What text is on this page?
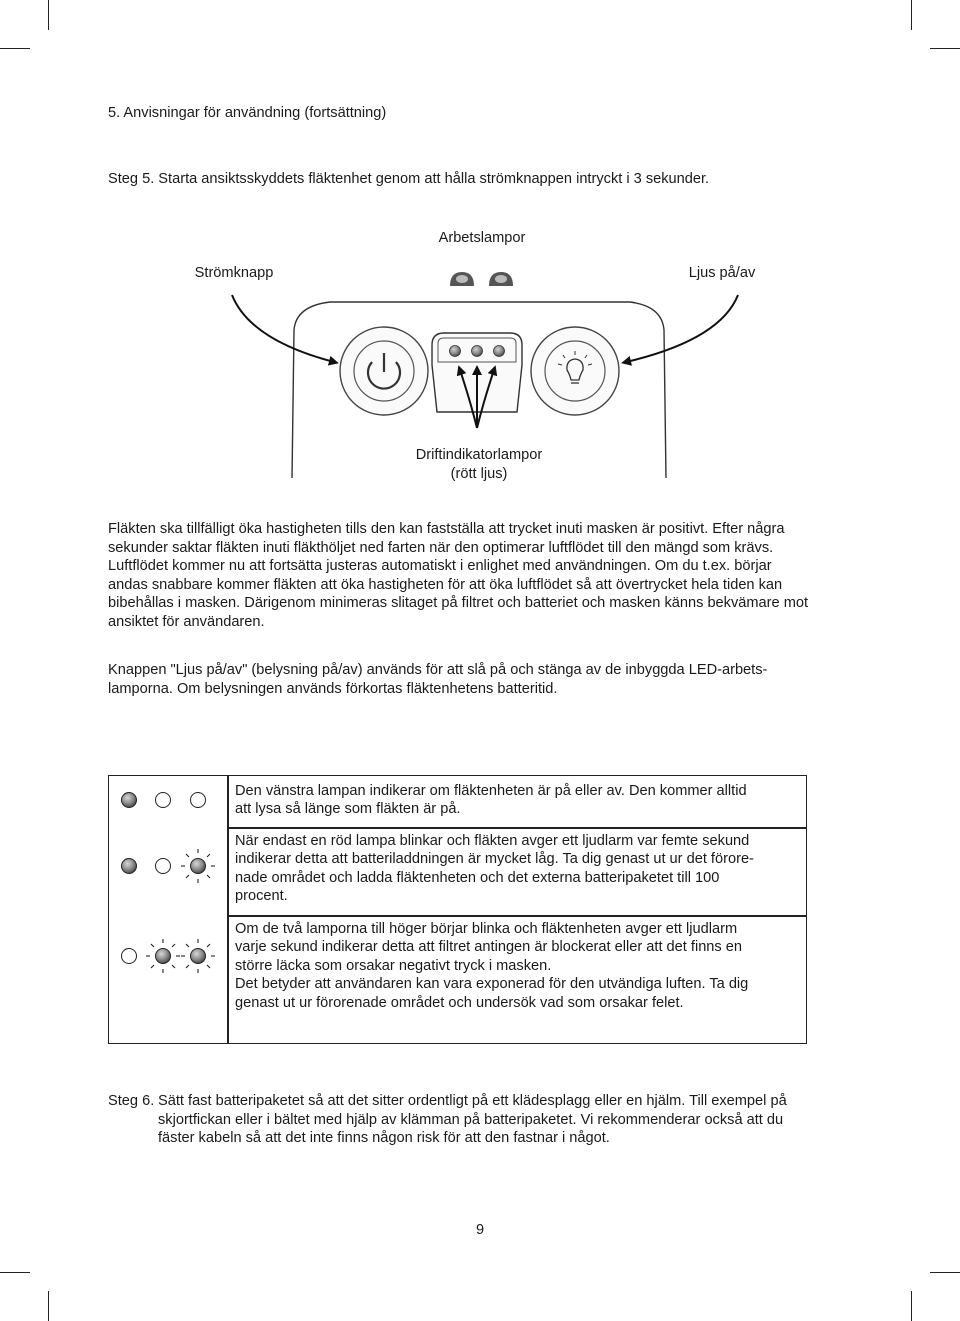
5. Anvisningar för användning (fortsättning)
Steg 5. Starta ansiktsskyddets fläktenhet genom att hålla strömknappen intryckt i 3 sekunder.
Arbetslampor
Strömknapp	Ljus på/av
Driftindikatorlampor
(rött ljus)
Fläkten ska tillfälligt öka hastigheten tills den kan fastställa att trycket inuti masken är positivt. Efter några
sekunder saktar fläkten inuti fläkthöljet ned farten när den optimerar luftflödet till den mängd som krävs.
Luftflödet kommer nu att fortsätta justeras automatiskt i enlighet med användningen. Om du t.ex. börjar
andas snabbare kommer fläkten att öka hastigheten för att öka luftflödet så att övertrycket hela tiden kan
bibehållas i masken. Därigenom minimeras slitaget på filtret och batteriet och masken känns bekvämare mot
ansiktet för användaren.
Knappen "Ljus på/av" (belysning på/av) används för att slå på och stänga av de inbyggda LED-arbets-
lamporna. Om belysningen används förkortas fläktenhetens batteritid.
Den vänstra lampan indikerar om fläktenheten är på eller av. Den kommer alltid
att lysa så länge som fläkten är på.
När endast en röd lampa blinkar och fläkten avger ett ljudlarm var femte sekund
indikerar detta att batteriladdningen är mycket låg. Ta dig genast ut ur det förore-
nade området och ladda fläktenheten och det externa batteripaketet till 100
procent.
Om de två lamporna till höger börjar blinka och fläktenheten avger ett ljudlarm
varje sekund indikerar detta att filtret antingen är blockerat eller att det finns en
större läcka som orsakar negativt tryck i masken.
Det betyder att användaren kan vara exponerad för den utvändiga luften. Ta dig
genast ut ur förorenade området och undersök vad som orsakar felet.
Steg 6. Sätt fast batteripaketet så att det sitter ordentligt på ett klädesplagg eller en hjälm. Till exempel på
skjortfickan eller i bältet med hjälp av klämman på batteripaketet. Vi rekommenderar också att du
fäster kabeln så att det inte finns någon risk för att den fastnar i något.
9
